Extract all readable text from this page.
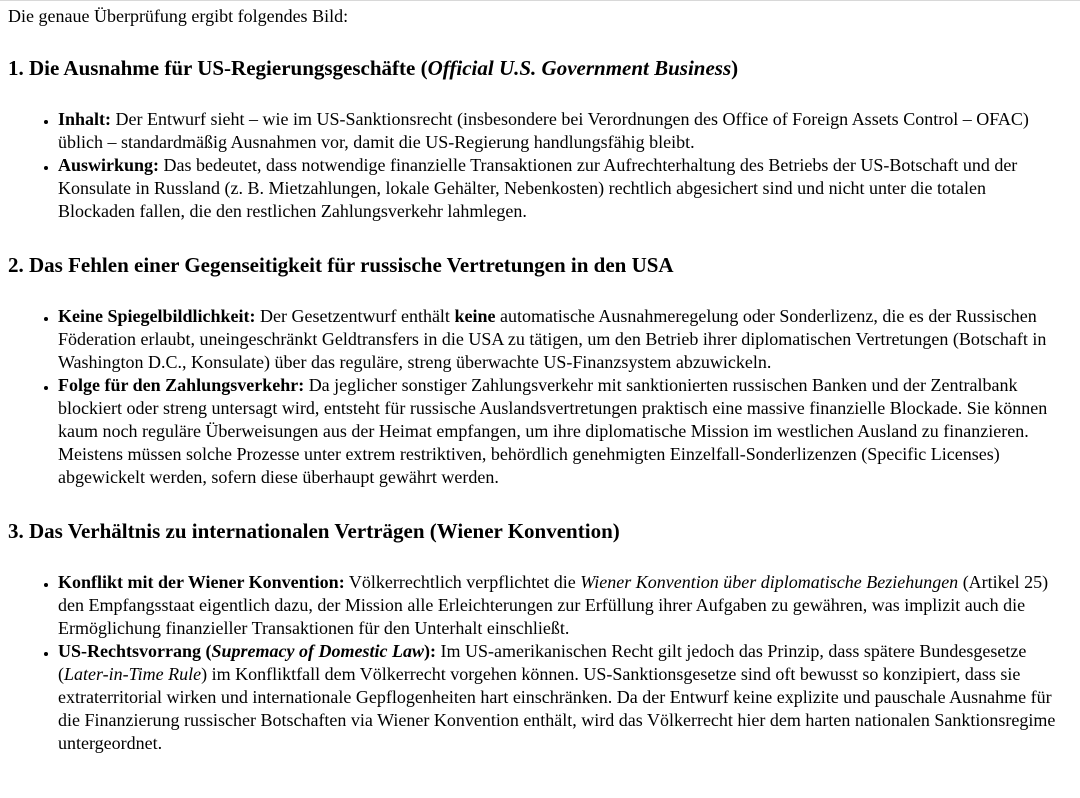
Die genaue Überprüfung ergibt folgendes Bild:

1. Die Ausnahme für US-Regierungsgeschäfte (Official U.S. Government Business)
• Inhalt: Der Entwurf sieht – wie im US-Sanktionsrecht (insbesondere bei Verordnungen des Office of Foreign Assets Control – OFAC) üblich – standardmäßig Ausnahmen vor, damit die US-Regierung handlungsfähig bleibt.
• Auswirkung: Das bedeutet, dass notwendige finanzielle Transaktionen zur Aufrechterhaltung des Betriebs der US-Botschaft und der Konsulate in Russland (z. B. Mietzahlungen, lokale Gehälter, Nebenkosten) rechtlich abgesichert sind und nicht unter die totalen Blockaden fallen, die den restlichen Zahlungsverkehr lahmlegen.
2. Das Fehlen einer Gegenseitigkeit für russische Vertretungen in den USA
• Keine Spiegelbildlichkeit: Der Gesetzentwurf enthält keine automatische Ausnahmeregelung oder Sonderlizenz, die es der Russischen Föderation erlaubt, uneingeschränkt Geldtransfers in die USA zu tätigen, um den Betrieb ihrer diplomatischen Vertretungen (Botschaft in Washington D.C., Konsulate) über das reguläre, streng überwachte US-Finanzsystem abzuwickeln.
• Folge für den Zahlungsverkehr: Da jeglicher sonstiger Zahlungsverkehr mit sanktionierten russischen Banken und der Zentralbank blockiert oder streng untersagt wird, entsteht für russische Auslandsvertretungen praktisch eine massive finanzielle Blockade. Sie können kaum noch reguläre Überweisungen aus der Heimat empfangen, um ihre diplomatische Mission im westlichen Ausland zu finanzieren. Meistens müssen solche Prozesse unter extrem restriktiven, behördlich genehmigten Einzelfall-Sonderlizenzen (Specific Licenses) abgewickelt werden, sofern diese überhaupt gewährt werden.
3. Das Verhältnis zu internationalen Verträgen (Wiener Konvention)
• Konflikt mit der Wiener Konvention: Völkerrechtlich verpflichtet die Wiener Konvention über diplomatische Beziehungen (Artikel 25) den Empfangsstaat eigentlich dazu, der Mission alle Erleichterungen zur Erfüllung ihrer Aufgaben zu gewähren, was implizit auch die Ermöglichung finanzieller Transaktionen für den Unterhalt einschließt.
• US-Rechtsvorrang (Supremacy of Domestic Law): Im US-amerikanischen Recht gilt jedoch das Prinzip, dass spätere Bundesgesetze (Later-in-Time Rule) im Konfliktfall dem Völkerrecht vorgehen können. US-Sanktionsgesetze sind oft bewusst so konzipiert, dass sie extraterritorial wirken und internationale Gepflogenheiten hart einschränken. Da der Entwurf keine explizite und pauschale Ausnahme für die Finanzierung russischer Botschaften via Wiener Konvention enthält, wird das Völkerrecht hier dem harten nationalen Sanktionsregime untergeordnet.
